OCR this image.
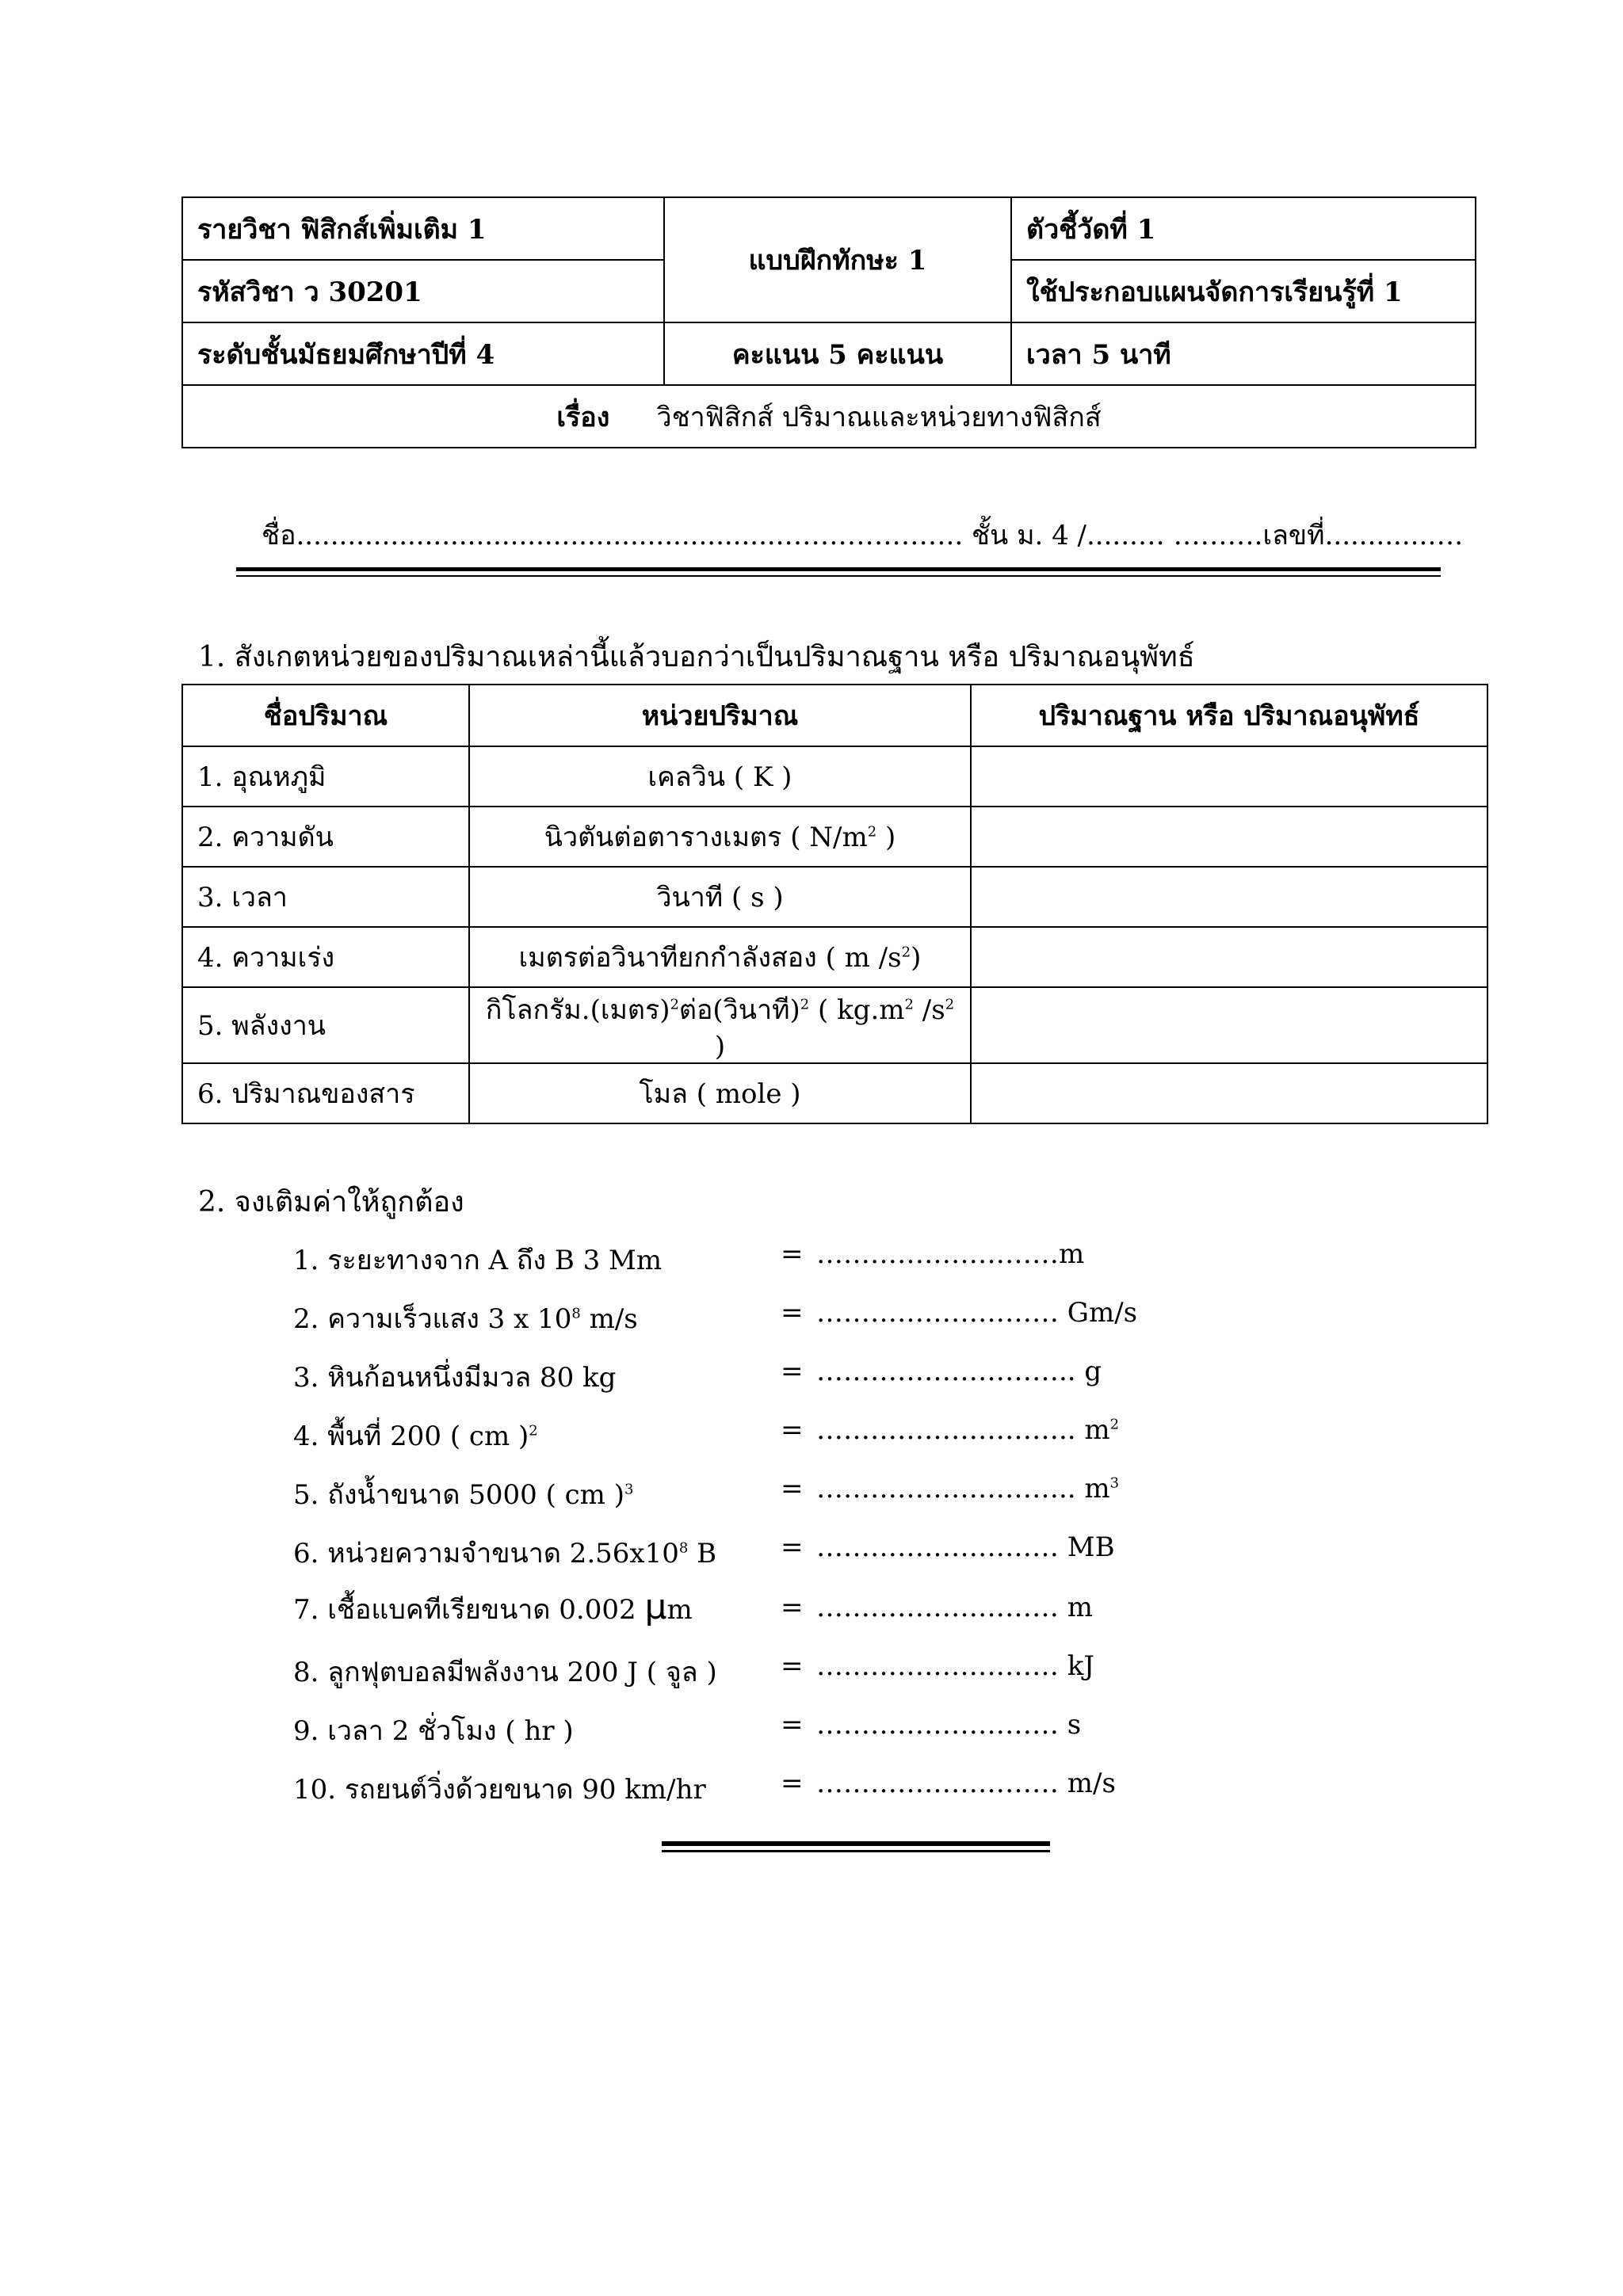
รายวิชา ฟิสิกส์เพิ่มเติม 1	แบบฝึกทักษะ 1	ตัวชี้วัดที่ 1
รหัสวิชา ว 30201		ใช้ประกอบแผนจัดการเรียนรู้ที่ 1
ระดับชั้นมัธยมศึกษาปีที่ 4	คะแนน 5 คะแนน	เวลา 5 นาที
เรื่อง วิชาฟิสิกส์ ปริมาณและหน่วยทางฟิสิกส์		
ชื่อ.........................................................……………….. ชั้น ม. 4 /......… ……….เลขที่............….
1. สังเกตหน่วยของปริมาณเหล่านี้แล้วบอกว่าเป็นปริมาณฐาน หรือ ปริมาณอนุพัทธ์
ชื่อปริมาณ	หน่วยปริมาณ	ปริมาณฐาน หรือ ปริมาณอนุพัทธ์
1. อุณหภูมิ	เคลวิน ( K )	
2. ความดัน	นิวตันต่อตารางเมตร ( $N/m^2$ )	
3. เวลา	วินาที ( s )	
4. ความเร่ง	เมตรต่อวินาทียกกำลังสอง ( m $/s^2$)	
5. พลังงาน	กิโลกรัม.(เมตร)$^2$ต่อ(วินาที)$^2$ ( $kg.m^2$ $/s^2$ )	
6. ปริมาณของสาร	โมล ( mole )	
2. จงเติมค่าให้ถูกต้อง
1. ระยะทางจาก A ถึง B 3 Mm	= ………………………m
2. ความเร็วแสง 3 x $10^8$ m/s	= ……………………… Gm/s
3. หินก้อนหนึ่งมีมวล 80 kg	= ……………………….. g
4. พื้นที่ 200 ( cm )$^2$	= ……………………….. $m^2$
5. ถังน้ำขนาด 5000 ( cm )$^3$	= ……………………….. $m^3$
6. หน่วยความจำขนาด $2.56x10^8$ B = ……………………… MB
7. เชื้อแบคทีเรียขนาด 0.002 μm	= ……………………… m
8. ลูกฟุตบอลมีพลังงาน 200 J ( จูล ) = ……………………… kJ
9. เวลา 2 ชั่วโมง ( hr )	= ……………………… s
10. รถยนต์วิ่งด้วยขนาด 90 km/hr	= ……………………… m/s
